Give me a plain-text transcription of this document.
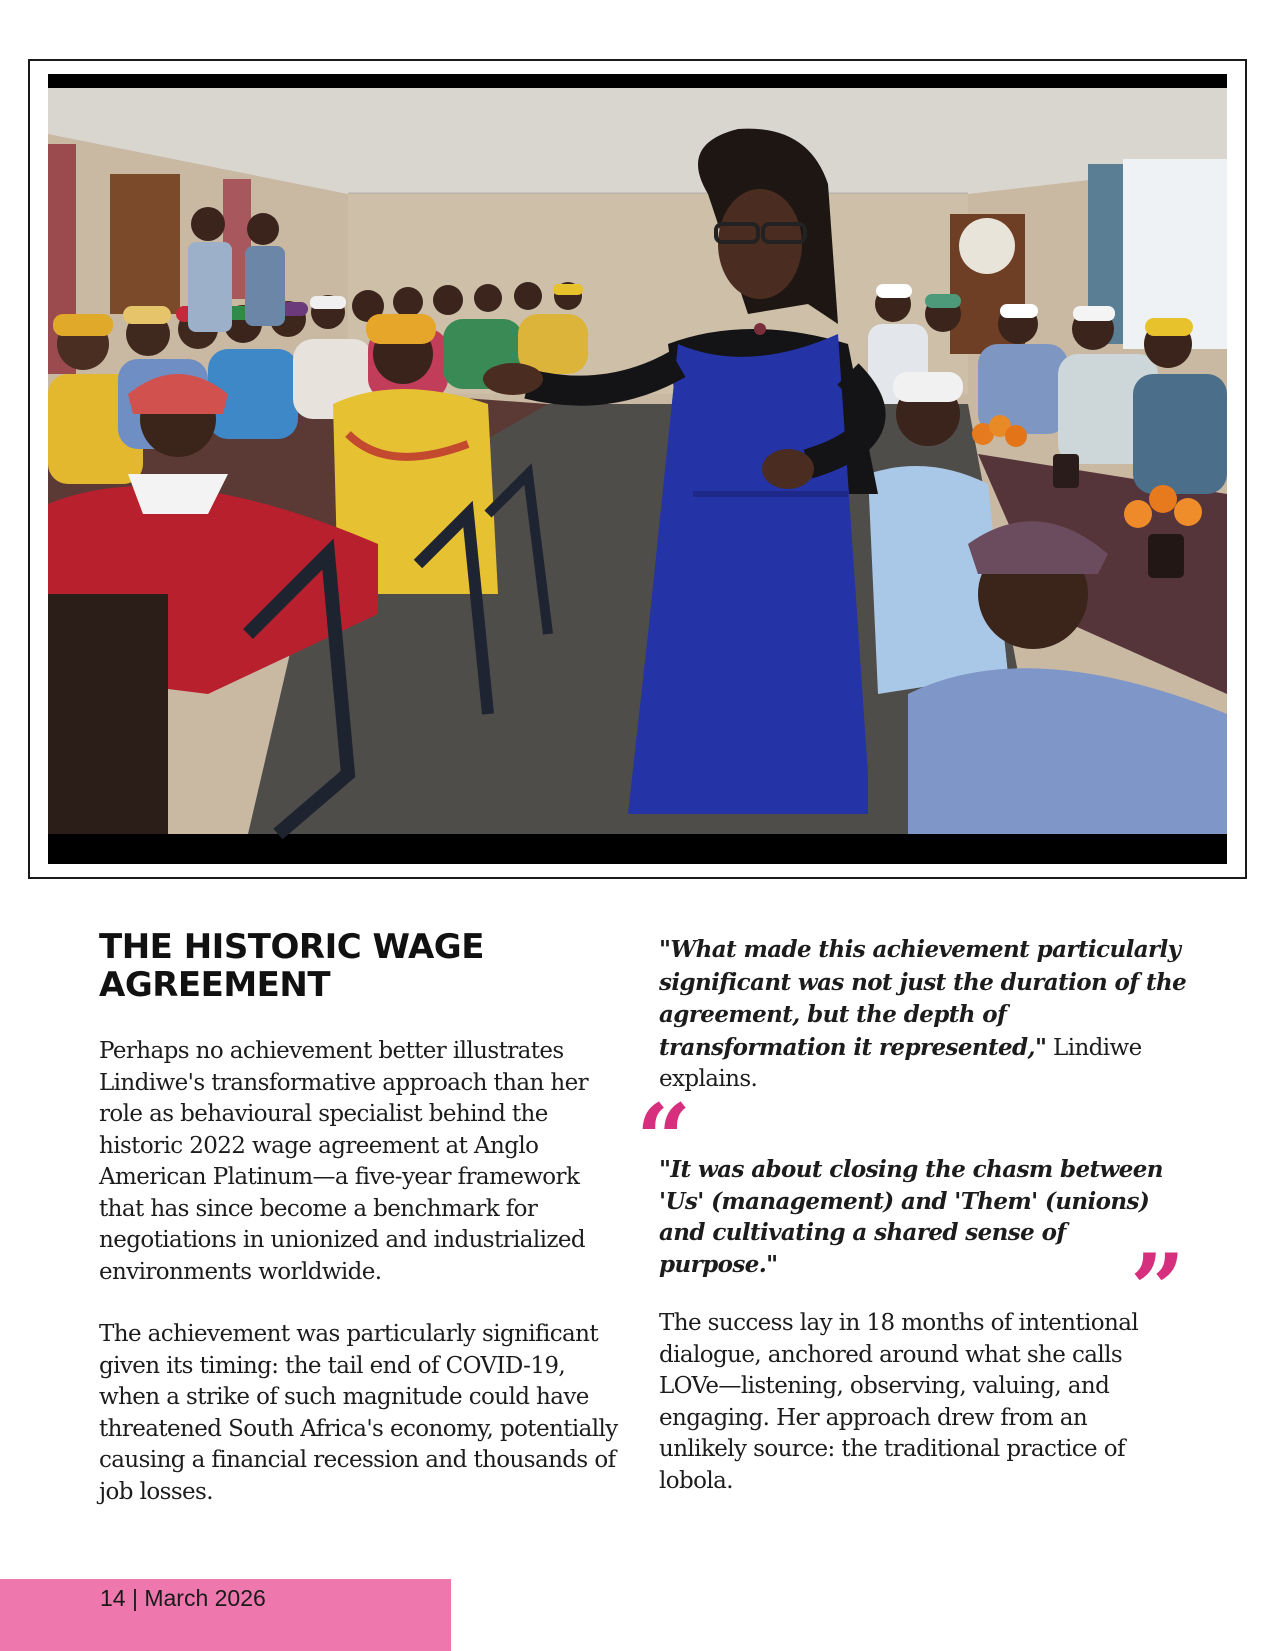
THE HISTORIC WAGE AGREEMENT

Perhaps no achievement better illustrates Lindiwe's transformative approach than her role as behavioural specialist behind the historic 2022 wage agreement at Anglo American Platinum—a five-year framework that has since become a benchmark for negotiations in unionized and industrialized environments worldwide.

The achievement was particularly significant given its timing: the tail end of COVID-19, when a strike of such magnitude could have threatened South Africa's economy, potentially causing a financial recession and thousands of job losses.

"What made this achievement particularly significant was not just the duration of the agreement, but the depth of transformation it represented," Lindiwe explains.

“

"It was about closing the chasm between 'Us' (management) and 'Them' (unions) and cultivating a shared sense of purpose."	”

The success lay in 18 months of intentional dialogue, anchored around what she calls LOVe—listening, observing, valuing, and engaging. Her approach drew from an unlikely source: the traditional practice of lobola.

14 | March 2026
